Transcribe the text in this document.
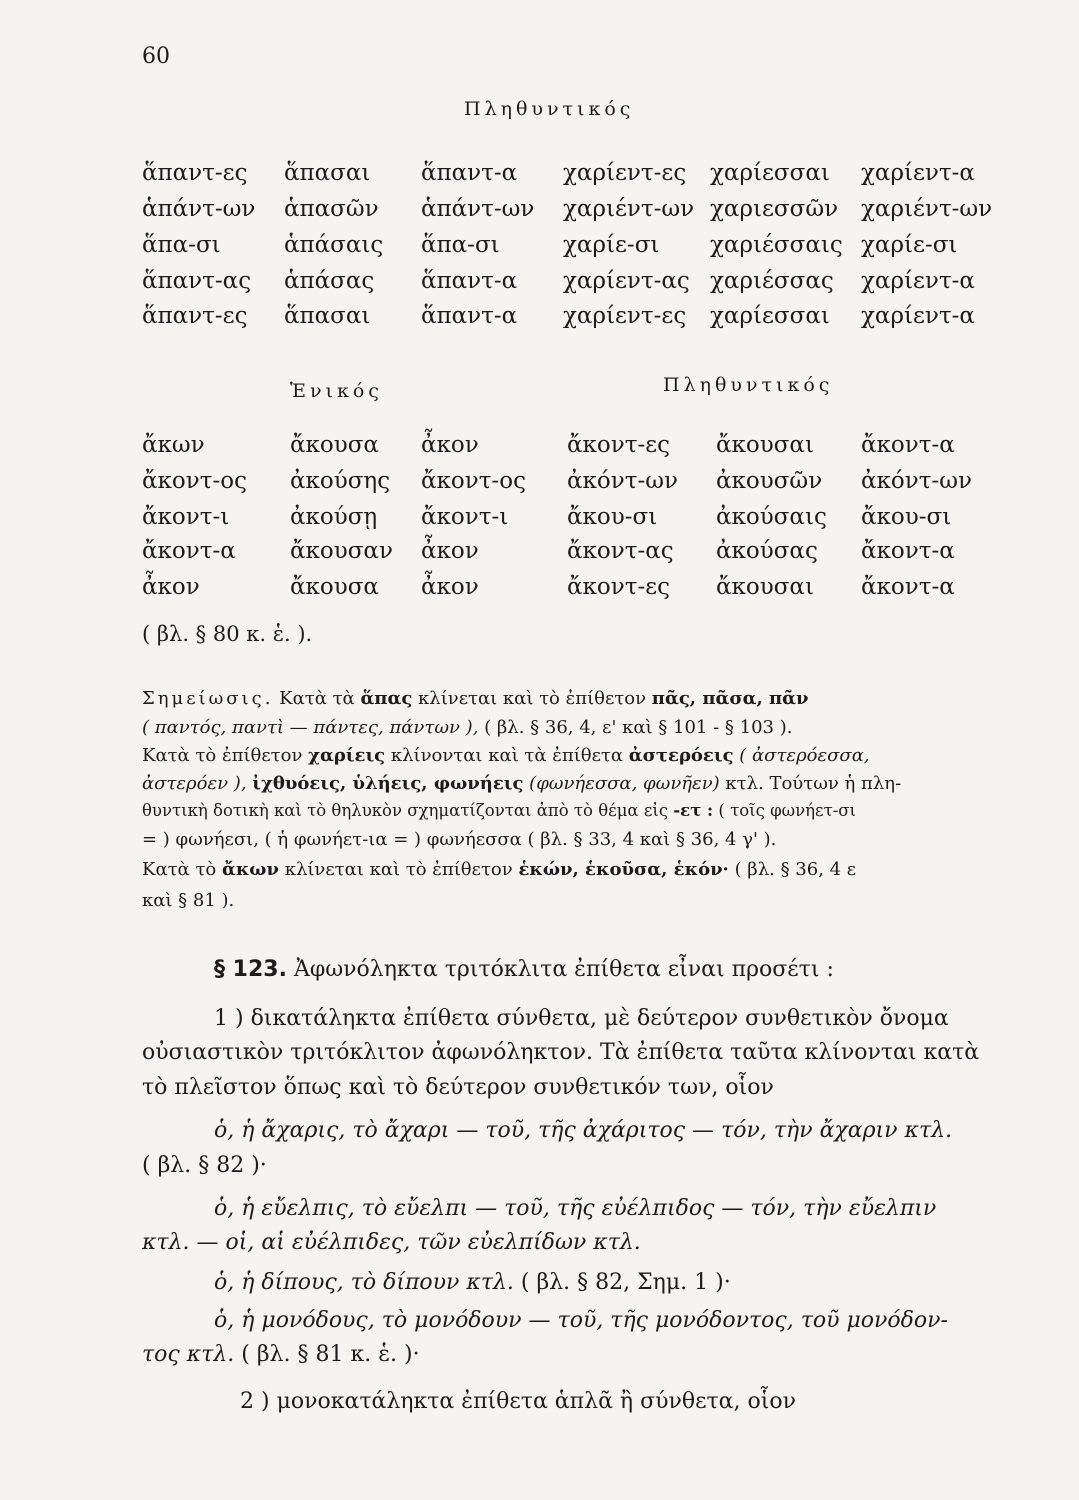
60
Πληθυντικός
ἅπαντ-ες ἅπασαι ἅπαντ-α χαρίεντ-ες χαρίεσσαι χαρίεντ-α
ἁπάντ-ων ἁπασῶν ἁπάντ-ων χαριέντ-ων χαριεσσῶν χαριέντ-ων
ἅπα-σι	ἁπάσαις ἅπα-σι	χαρίε-σι χαριέσσαις χαρίε-σι
ἅπαντ-ας ἁπάσας ἅπαντ-α χαρίεντ-ας χαριέσσας χαρίεντ-α
ἅπαντ-ες ἅπασαι ἅπαντ-α χαρίεντ-ες χαρίεσσαι χαρίεντ-α
Ἑνικός	Πληθυντικός
ἄκων	ἄκουσα ἆκον	ἄκοντ-ες ἄκουσαι ἄκοντ-α
ἄκοντ-ος ἀκούσης ἄκοντ-ος ἀκόντ-ων ἀκουσῶν ἀκόντ-ων
ἄκοντ-ι	ἀκούσῃ ἄκοντ-ι	ἄκου-σι	ἀκούσαις ἄκου-σι
ἄκοντ-α ἄκουσαν ἆκον	ἄκοντ-ας ἀκούσας ἄκοντ-α
ἆκον	ἄκουσα ἆκον	ἄκοντ-ες ἄκουσαι ἄκοντ-α
( βλ. § 80 κ. ἑ. ).
Σημείωσις. Κατὰ τὰ ἅπας κλίνεται καὶ τὸ ἐπίθετον πᾶς, πᾶσα, πᾶν
( παντός, παντὶ — πάντες, πάντων ), ( βλ. § 36, 4, ε' καὶ § 101 - § 103 ).
Κατὰ τὸ ἐπίθετον χαρίεις κλίνονται καὶ τὰ ἐπίθετα ἀστερόεις ( ἀστερόεσσα,
ἀστερόεν ), ἰχθυόεις, ὑλήεις, φωνήεις (φωνήεσσα, φωνῆεν) κτλ. Τούτων ἡ πλη-
θυντικὴ δοτικὴ καὶ τὸ θηλυκὸν σχηματίζονται ἀπὸ τὸ θέμα εἰς -ετ : ( τοῖς φωνήετ-σι
= ) φωνήεσι, ( ἡ φωνήετ-ια = ) φωνήεσσα ( βλ. § 33, 4 καὶ § 36, 4 γ' ).
Κατὰ τὸ ἄκων κλίνεται καὶ τὸ ἐπίθετον ἑκών, ἑκοῦσα, ἑκόν· ( βλ. § 36, 4 ε
καὶ § 81 ).
§ 123. Ἀφωνόληκτα τριτόκλιτα ἐπίθετα εἶναι προσέτι :
1 ) δικατάληκτα ἐπίθετα σύνθετα, μὲ δεύτερον συνθετικὸν ὄνομα
οὐσιαστικὸν τριτόκλιτον ἀφωνόληκτον. Τὰ ἐπίθετα ταῦτα κλίνονται κατὰ
τὸ πλεῖστον ὅπως καὶ τὸ δεύτερον συνθετικόν των, οἷον
ὁ, ἡ ἄχαρις, τὸ ἄχαρι — τοῦ, τῆς ἀχάριτος — τόν, τὴν ἄχαριν κτλ.
( βλ. § 82 )·
ὁ, ἡ εὔελπις, τὸ εὔελπι — τοῦ, τῆς εὐέλπιδος — τόν, τὴν εὔελπιν
κτλ. — οἱ, αἱ εὐέλπιδες, τῶν εὐελπίδων κτλ.
ὁ, ἡ δίπους, τὸ δίπουν κτλ. ( βλ. § 82, Σημ. 1 )·
ὁ, ἡ μονόδους, τὸ μονόδουν — τοῦ, τῆς μονόδοντος, τοῦ μονόδον-
τος κτλ. ( βλ. § 81 κ. ἑ. )·
2 ) μονοκατάληκτα ἐπίθετα ἁπλᾶ ἢ σύνθετα, οἷον
